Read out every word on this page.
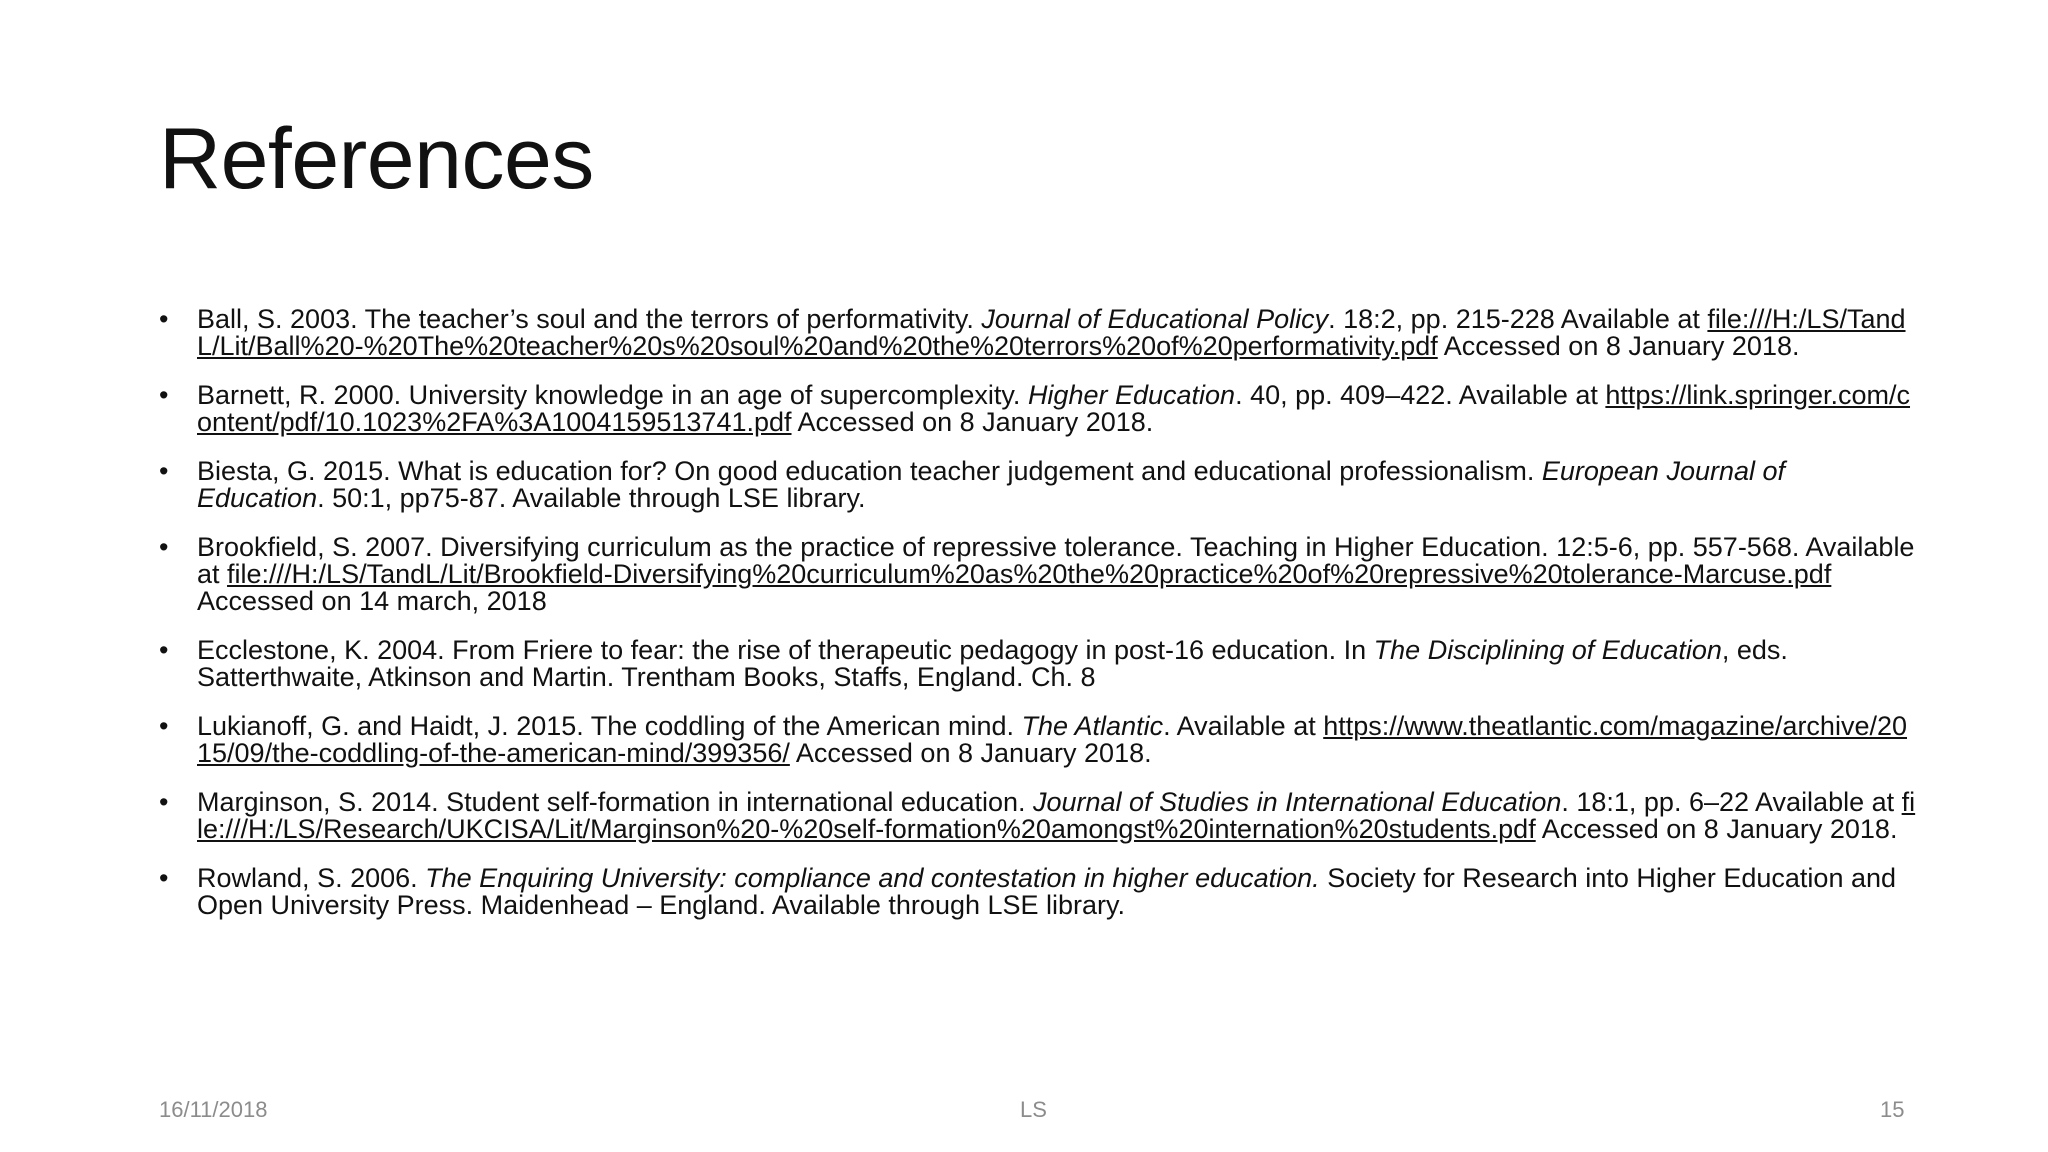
References
• Ball, S. 2003. The teacher’s soul and the terrors of performativity. Journal of Educational Policy. 18:2, pp. 215-228 Available at file:///H:/LS/TandL/Lit/Ball%20-%20The%20teacher%20s%20soul%20and%20the%20terrors%20of%20performativity.pdf Accessed on 8 January 2018.
• Barnett, R. 2000. University knowledge in an age of supercomplexity. Higher Education. 40, pp. 409–422. Available at https://link.springer.com/content/pdf/10.1023%2FA%3A1004159513741.pdf Accessed on 8 January 2018.
• Biesta, G. 2015. What is education for? On good education teacher judgement and educational professionalism. European Journal of Education. 50:1, pp75-87. Available through LSE library.
• Brookfield, S. 2007. Diversifying curriculum as the practice of repressive tolerance. Teaching in Higher Education. 12:5-6, pp. 557-568. Available at file:///H:/LS/TandL/Lit/Brookfield-Diversifying%20curriculum%20as%20the%20practice%20of%20repressive%20tolerance-Marcuse.pdf Accessed on 14 march, 2018
• Ecclestone, K. 2004. From Friere to fear: the rise of therapeutic pedagogy in post-16 education. In The Disciplining of Education, eds. Satterthwaite, Atkinson and Martin. Trentham Books, Staffs, England. Ch. 8
• Lukianoff, G. and Haidt, J. 2015. The coddling of the American mind. The Atlantic. Available at https://www.theatlantic.com/magazine/archive/2015/09/the-coddling-of-the-american-mind/399356/ Accessed on 8 January 2018.
• Marginson, S. 2014. Student self-formation in international education. Journal of Studies in International Education. 18:1, pp. 6–22 Available at file:///H:/LS/Research/UKCISA/Lit/Marginson%20-%20self-formation%20amongst%20internation%20students.pdf Accessed on 8 January 2018.
• Rowland, S. 2006. The Enquiring University: compliance and contestation in higher education. Society for Research into Higher Education and Open University Press. Maidenhead – England. Available through LSE library.
16/11/2018	LS	15
